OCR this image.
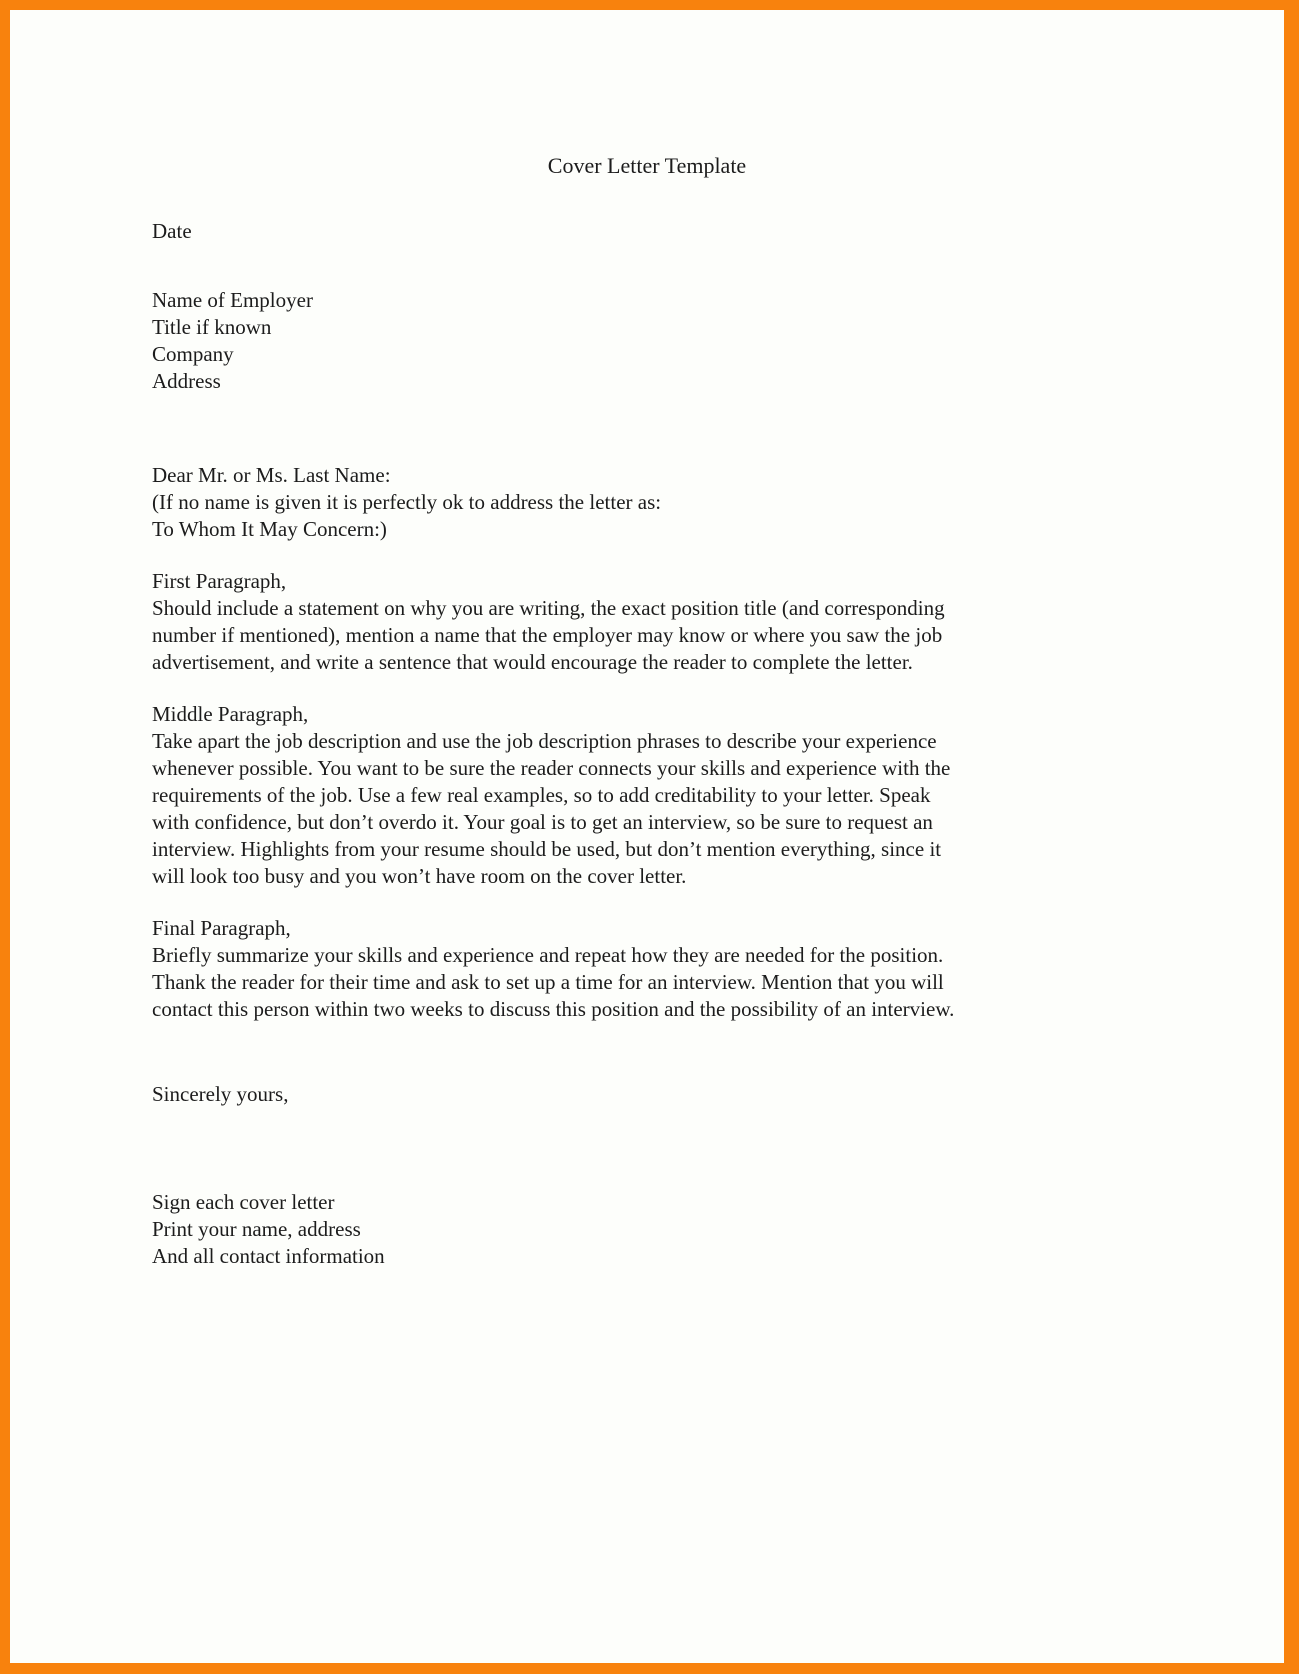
Cover Letter Template

Date

Name of Employer

Title if known

Company

Address

Dear Mr. or Ms. Last Name:

(If no name is given it is perfectly ok to address the letter as:

To Whom It May Concern:)

First Paragraph,

Should include a statement on why you are writing, the exact position title (and corresponding

number if mentioned), mention a name that the employer may know or where you saw the job

advertisement, and write a sentence that would encourage the reader to complete the letter.

Middle Paragraph,

Take apart the job description and use the job description phrases to describe your experience

whenever possible. You want to be sure the reader connects your skills and experience with the

requirements of the job. Use a few real examples, so to add creditability to your letter. Speak

with confidence, but don’t overdo it. Your goal is to get an interview, so be sure to request an

interview. Highlights from your resume should be used, but don’t mention everything, since it

will look too busy and you won’t have room on the cover letter.

Final Paragraph,

Briefly summarize your skills and experience and repeat how they are needed for the position.

Thank the reader for their time and ask to set up a time for an interview. Mention that you will

contact this person within two weeks to discuss this position and the possibility of an interview.

Sincerely yours,

Sign each cover letter

Print your name, address

And all contact information
